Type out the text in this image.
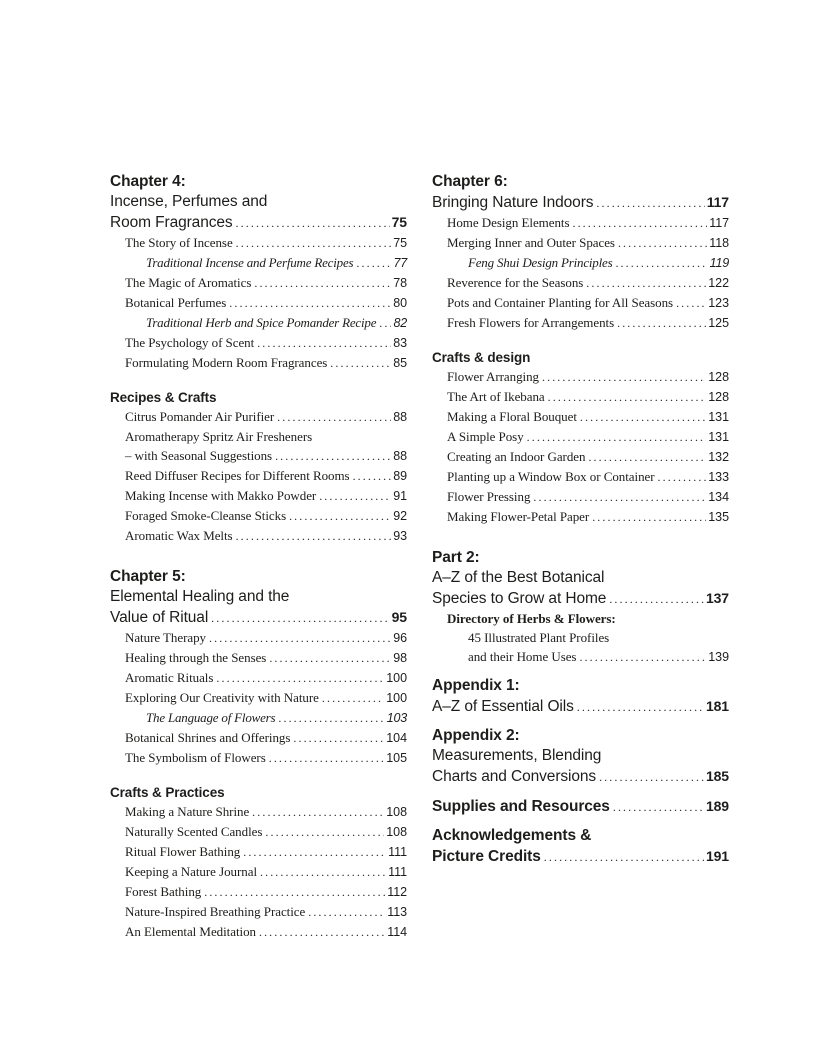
Chapter 4:
Incense, Perfumes and
Room Fragrances .....	75
The Story of Incense .....	75
Traditional Incense and Perfume Recipes .....	77
The Magic of Aromatics .....	78
Botanical Perfumes .....	80
Traditional Herb and Spice Pomander Recipe ..... 82
The Psychology of Scent .....	83
Formulating Modern Room Fragrances .....	85
Recipes & Crafts
Citrus Pomander Air Purifier .....	88
Aromatherapy Spritz Air Fresheners
– with Seasonal Suggestions .....	88
Reed Diffuser Recipes for Different Rooms .....	89
Making Incense with Makko Powder .....	91
Foraged Smoke-Cleanse Sticks .....	92
Aromatic Wax Melts .....	93
Chapter 5:
Elemental Healing and the
Value of Ritual .....	95
Nature Therapy .....	96
Healing through the Senses .....	98
Aromatic Rituals .....	100
Exploring Our Creativity with Nature .....	100
The Language of Flowers .....	103
Botanical Shrines and Offerings .....	104
The Symbolism of Flowers .....	105
Crafts & Practices
Making a Nature Shrine .....	108
Naturally Scented Candles .....	108
Ritual Flower Bathing .....	111
Keeping a Nature Journal .....	111
Forest Bathing .....	112
Nature-Inspired Breathing Practice .....	113
An Elemental Meditation .....	114
Chapter 6:
Bringing Nature Indoors .....	117
Home Design Elements .....	117
Merging Inner and Outer Spaces .....	118
Feng Shui Design Principles .....	119
Reverence for the Seasons .....	122
Pots and Container Planting for All Seasons .....	123
Fresh Flowers for Arrangements .....	125
Crafts & design
Flower Arranging .....	128
The Art of Ikebana .....	128
Making a Floral Bouquet .....	131
A Simple Posy .....	131
Creating an Indoor Garden .....	132
Planting up a Window Box or Container .....	133
Flower Pressing .....	134
Making Flower-Petal Paper .....	135
Part 2:
A–Z of the Best Botanical
Species to Grow at Home .....	137
Directory of Herbs & Flowers:
45 Illustrated Plant Profiles
and their Home Uses .....	139
Appendix 1:
A–Z of Essential Oils .....	181
Appendix 2:
Measurements, Blending
Charts and Conversions .....	185
Supplies and Resources .....	189
Acknowledgements &
Picture Credits .....	191
